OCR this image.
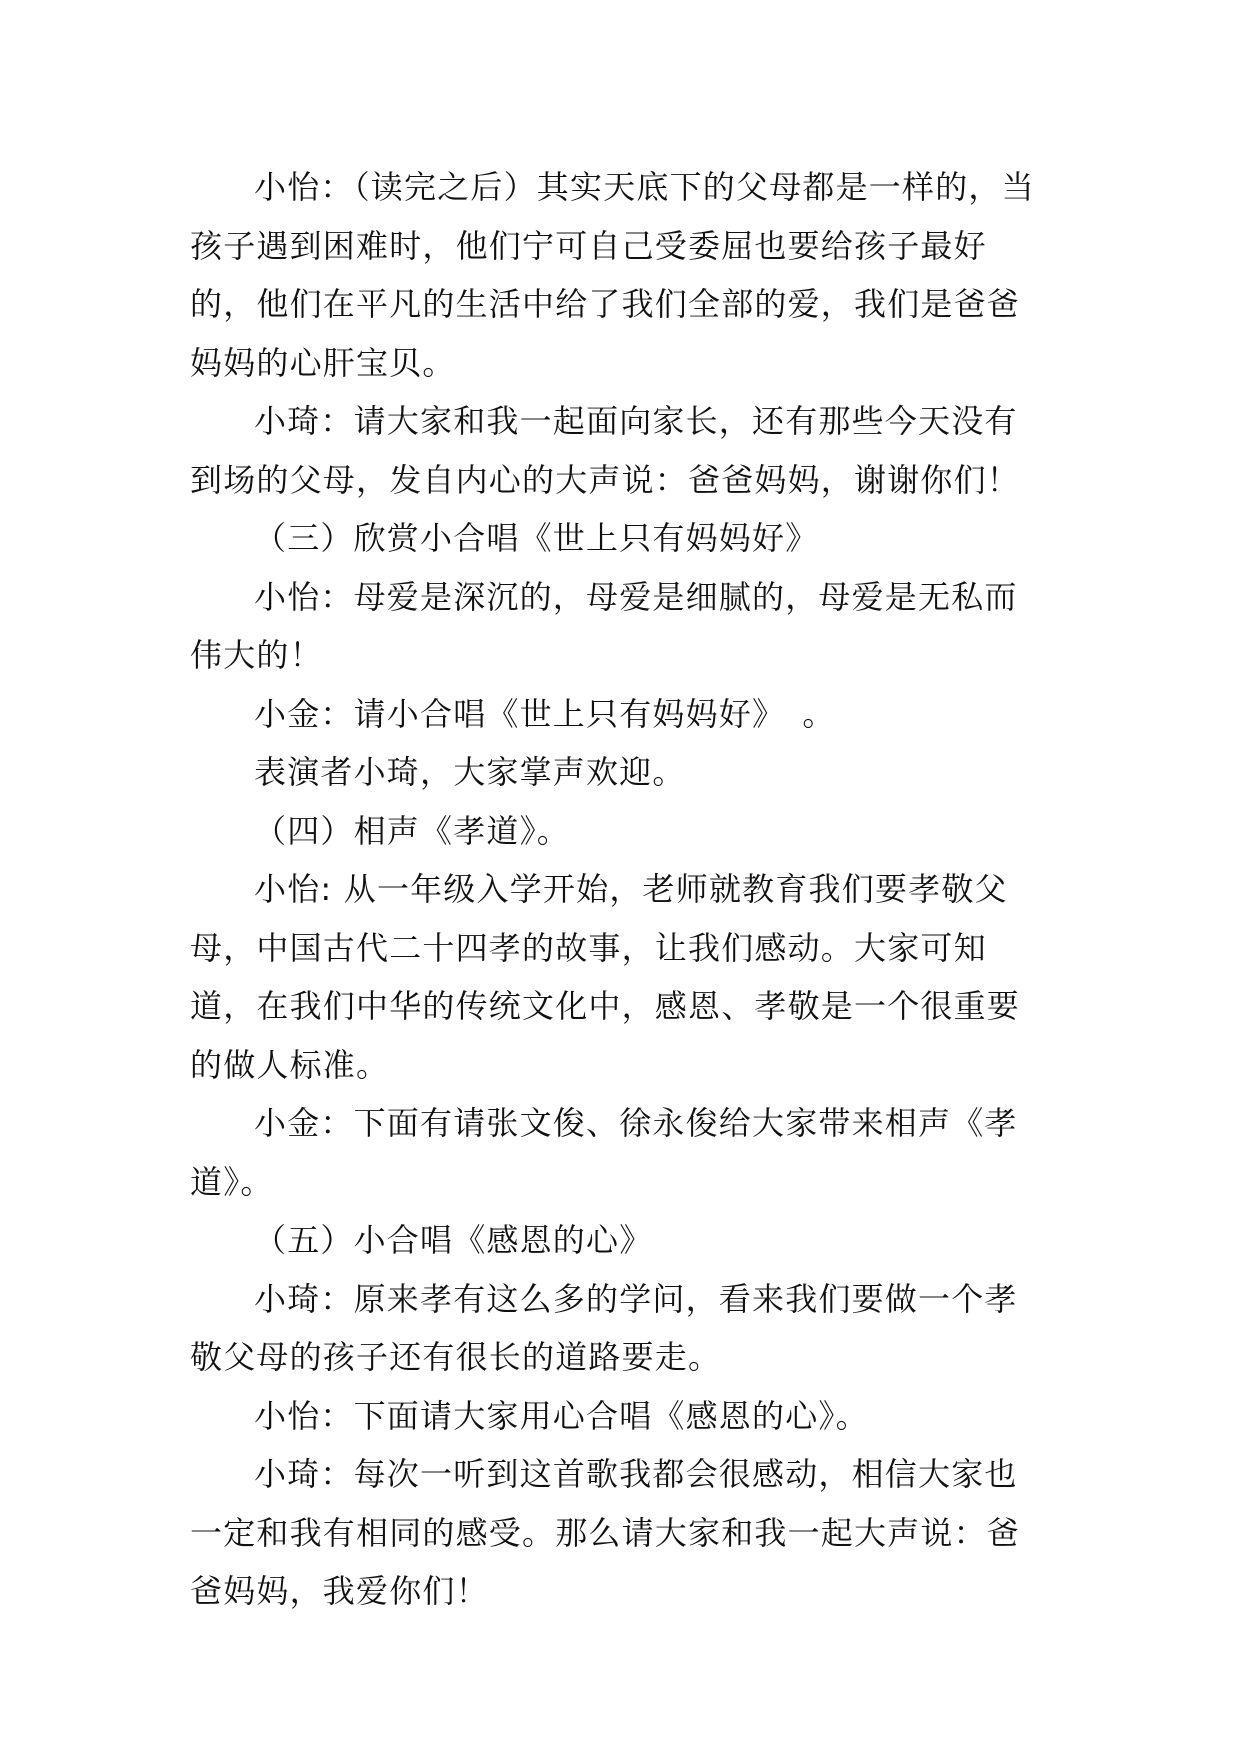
小怡：（读完之后）其实天底下的父母都是一样的，当孩子遇到困难时，他们宁可自己受委屈也要给孩子最好的，他们在平凡的生活中给了我们全部的爱，我们是爸爸妈妈的心肝宝贝。

小琦：请大家和我一起面向家长，还有那些今天没有到场的父母，发自内心的大声说：爸爸妈妈，谢谢你们！

（三）欣赏小合唱《世上只有妈妈好》

小怡：母爱是深沉的，母爱是细腻的，母爱是无私而伟大的！

小金：请小合唱《世上只有妈妈好》　。

表演者小琦，大家掌声欢迎。

（四）相声《孝道》。

小怡: 从一年级入学开始，老师就教育我们要孝敬父母，中国古代二十四孝的故事，让我们感动。大家可知道，在我们中华的传统文化中，感恩、孝敬是一个很重要的做人标准。

小金：下面有请张文俊、徐永俊给大家带来相声《孝道》。

（五）小合唱《感恩的心》

小琦：原来孝有这么多的学问，看来我们要做一个孝敬父母的孩子还有很长的道路要走。

小怡：下面请大家用心合唱《感恩的心》。

小琦：每次一听到这首歌我都会很感动，相信大家也一定和我有相同的感受。那么请大家和我一起大声说：爸爸妈妈，我爱你们！
